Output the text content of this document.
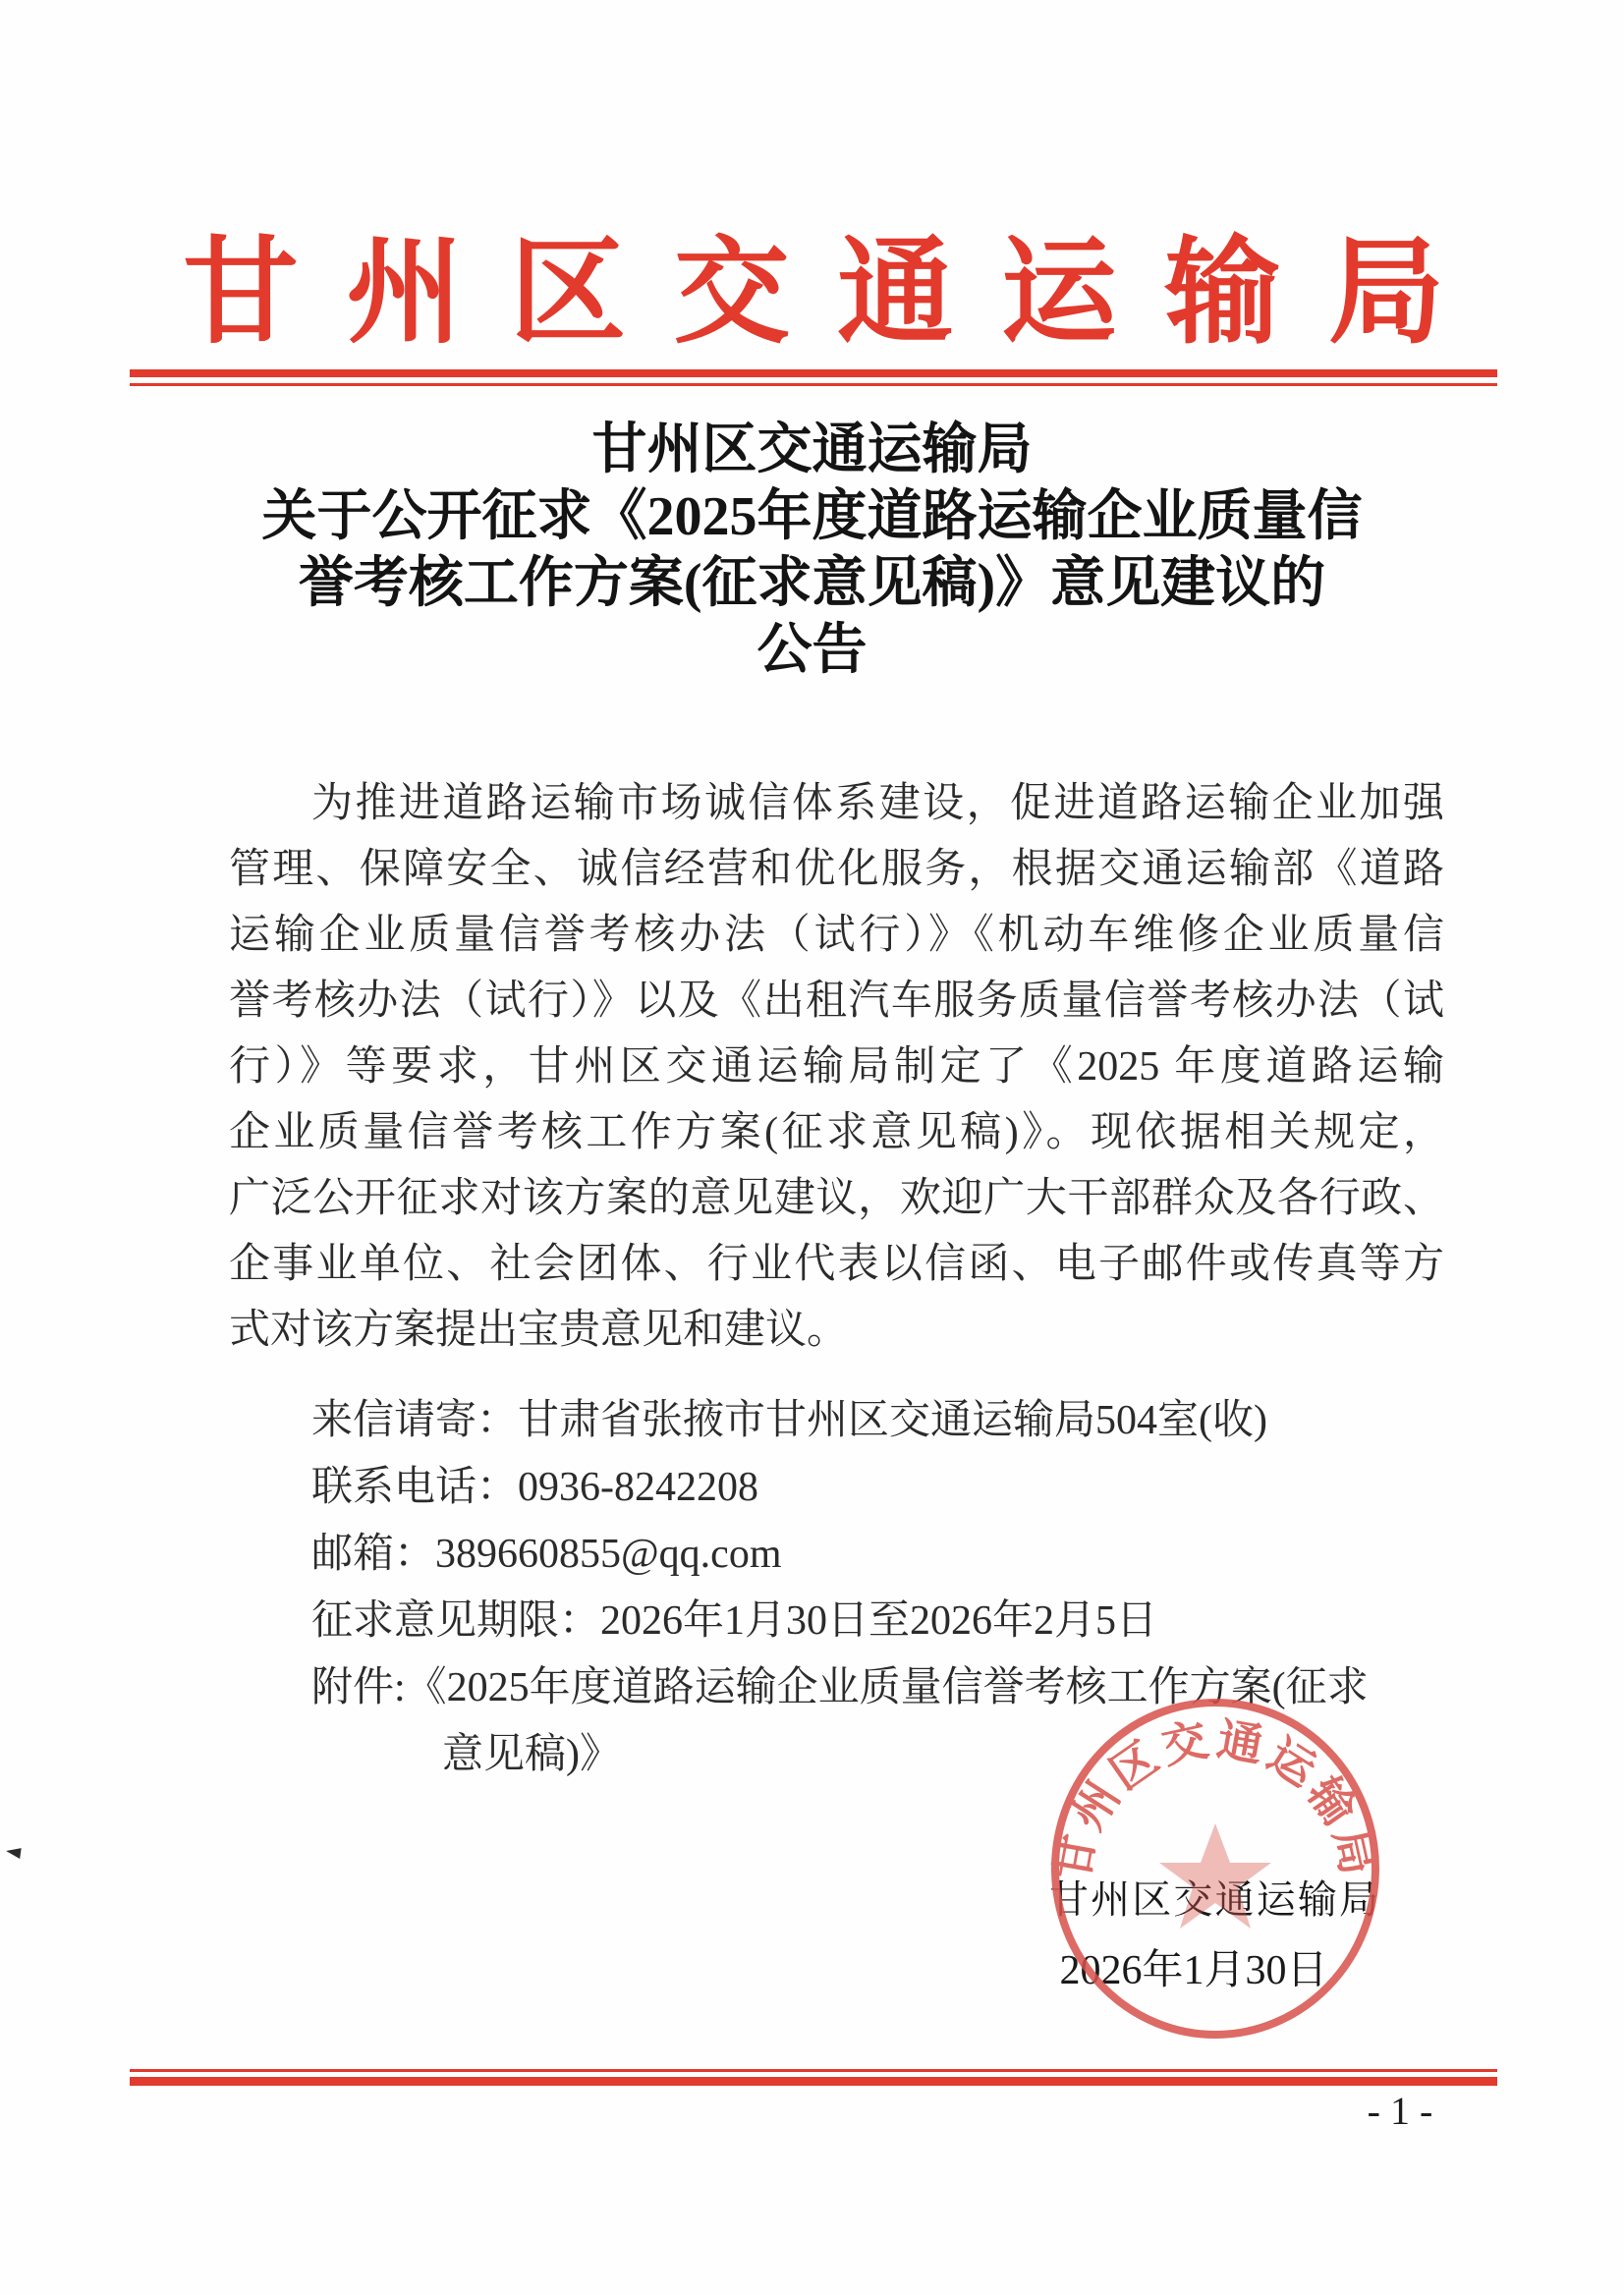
甘州区交通运输局
甘州区交通运输局
关于公开征求《2025年度道路运输企业质量信
誉考核工作方案(征求意见稿)》意见建议的
公告
为推进道路运输市场诚信体系建设，促进道路运输企业加强
管理、保障安全、诚信经营和优化服务，根据交通运输部《道路
运输企业质量信誉考核办法（试行）》《机动车维修企业质量信
誉考核办法（试行）》以及《出租汽车服务质量信誉考核办法（试
行）》等要求，甘州区交通运输局制定了《2025 年度道路运输
企业质量信誉考核工作方案(征求意见稿)》。现依据相关规定，
广泛公开征求对该方案的意见建议，欢迎广大干部群众及各行政、
企事业单位、社会团体、行业代表以信函、电子邮件或传真等方
式对该方案提出宝贵意见和建议。
来信请寄：甘肃省张掖市甘州区交通运输局504室(收)
联系电话：0936-8242208
邮箱：389660855@qq.com
征求意见期限：2026年1月30日至2026年2月5日
附件:《2025年度道路运输企业质量信誉考核工作方案(征求
意见稿)》
甘州区交通运输局
2026年1月30日
甘州区交通运输局
- 1 -
